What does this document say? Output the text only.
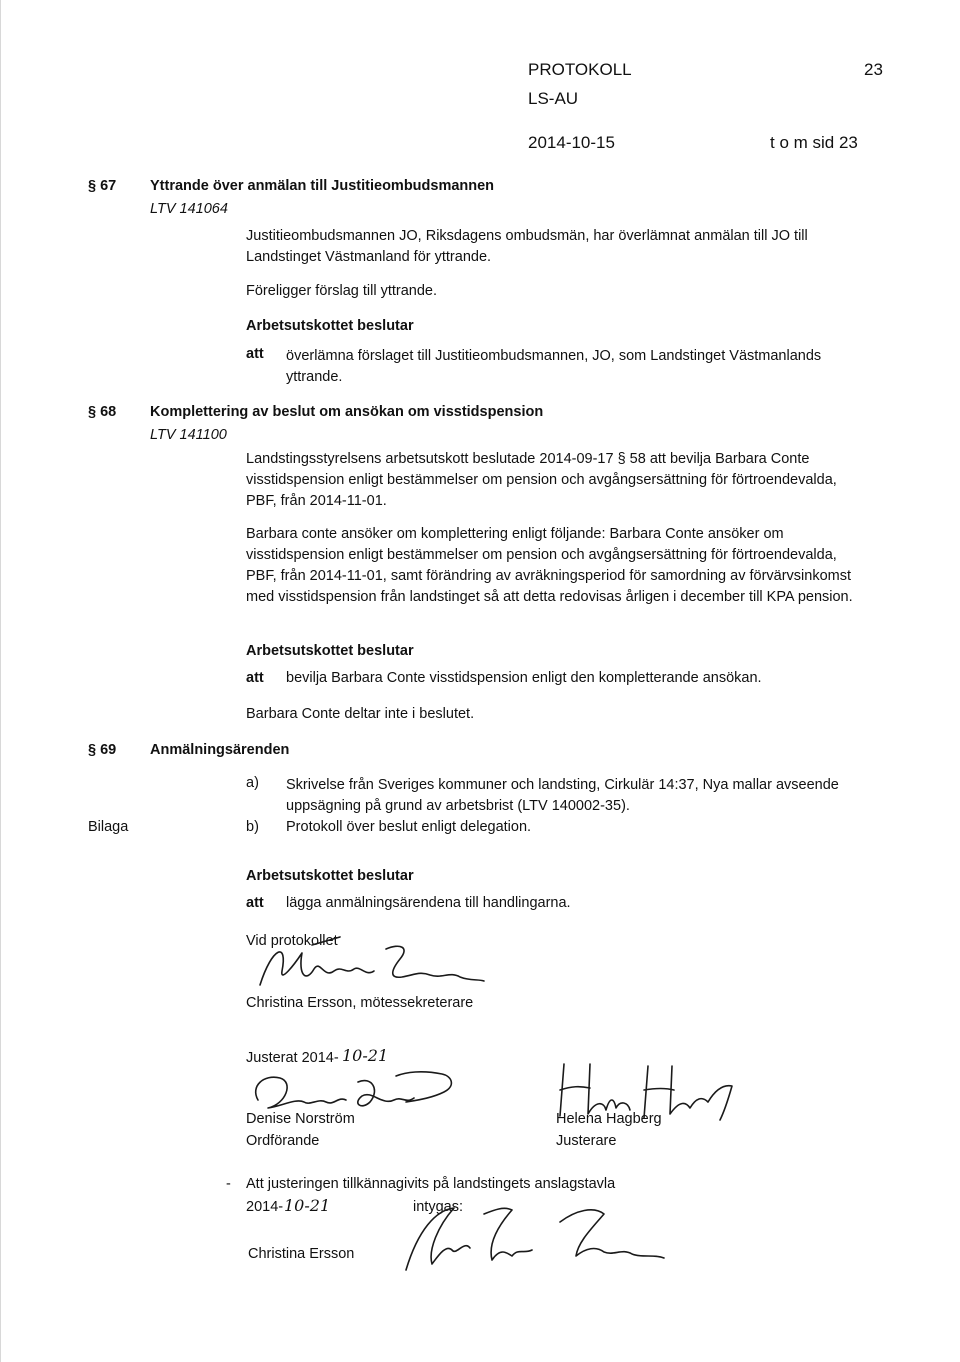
PROTOKOLL	23
LS-AU
2014-10-15	t o m sid 23
§ 67 Yttrande över anmälan till Justitieombudsmannen
LTV 141064
Justitieombudsmannen JO, Riksdagens ombudsmän, har överlämnat anmälan till JO till Landstinget Västmanland för yttrande.
Föreligger förslag till yttrande.
Arbetsutskottet beslutar
att överlämna förslaget till Justitieombudsmannen, JO, som Landstinget Västmanlands yttrande.
§ 68 Komplettering av beslut om ansökan om visstidspension
LTV 141100
Landstingsstyrelsens arbetsutskott beslutade 2014-09-17 § 58 att bevilja Barbara Conte visstidspension enligt bestämmelser om pension och avgångsersättning för förtroendevalda, PBF, från 2014-11-01.
Barbara conte ansöker om komplettering enligt följande: Barbara Conte ansöker om visstidspension enligt bestämmelser om pension och avgångsersättning för förtroendevalda, PBF, från 2014-11-01, samt förändring av avräkningsperiod för samordning av förvärvsinkomst med visstidspension från landstinget så att detta redovisas årligen i december till KPA pension.
Arbetsutskottet beslutar
att bevilja Barbara Conte visstidspension enligt den kompletterande ansökan.
Barbara Conte deltar inte i beslutet.
§ 69 Anmälningsärenden
a) Skrivelse från Sveriges kommuner och landsting, Cirkulär 14:37, Nya mallar avseende uppsägning på grund av arbetsbrist (LTV 140002-35).
Bilaga	b) Protokoll över beslut enligt delegation.
Arbetsutskottet beslutar
att lägga anmälningsärendena till handlingarna.
Vid protokollet
Christina Ersson, mötessekreterare
Justerat 2014- 10-21
Denise Norström
Ordförande
Helena Hagberg
Justerare
- Att justeringen tillkännagivits på landstingets anslagstavla
2014- 10-21	intygas:
Christina Ersson
